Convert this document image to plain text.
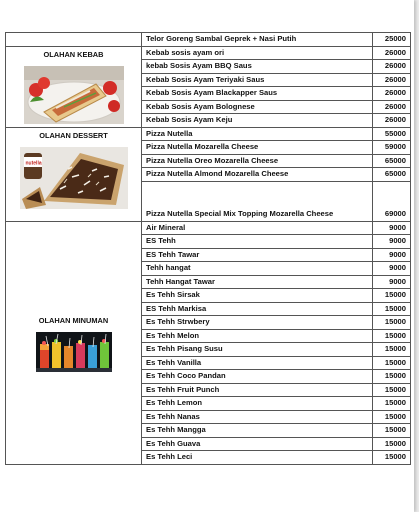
	Telor Goreng Sambal Geprek + Nasi Putih	25000

OLAHAN KEBAB	Kebab sosis ayam ori	26000
	kebab Sosis Ayam BBQ Saus	26000
	Kebab Sosis Ayam Teriyaki Saus	26000
	Kebab Sosis Ayam Blackapper Saus	26000
	Kebab Sosis Ayam Bolognese	26000
	Kebab Sosis Ayam Keju	26000

OLAHAN DESSERT
nutella	Pizza Nutella	55000
	Pizza Nutella Mozarella Cheese	59000
	Pizza Nutella Oreo Mozarella Cheese	65000
	Pizza Nutella Almond Mozarella Cheese	65000
	Pizza Nutella Special Mix Topping Mozarella Cheese	69000

OLAHAN MINUMAN	Air Mineral	9000
	ES Tehh	9000
	ES Tehh Tawar	9000
	Tehh hangat	9000
	Tehh Hangat Tawar	9000
	Es Tehh Sirsak	15000
	ES Tehh Markisa	15000
	Es Tehh Strwbery	15000
	Es Tehh Melon	15000
	Es Tehh Pisang Susu	15000
	Es Tehh Vanilla	15000
	Es Tehh Coco Pandan	15000
	Es Tehh Fruit Punch	15000
	Es Tehh Lemon	15000
	Es Tehh Nanas	15000
	Es Tehh Mangga	15000
	Es Tehh Guava	15000
	Es Tehh Leci	15000
